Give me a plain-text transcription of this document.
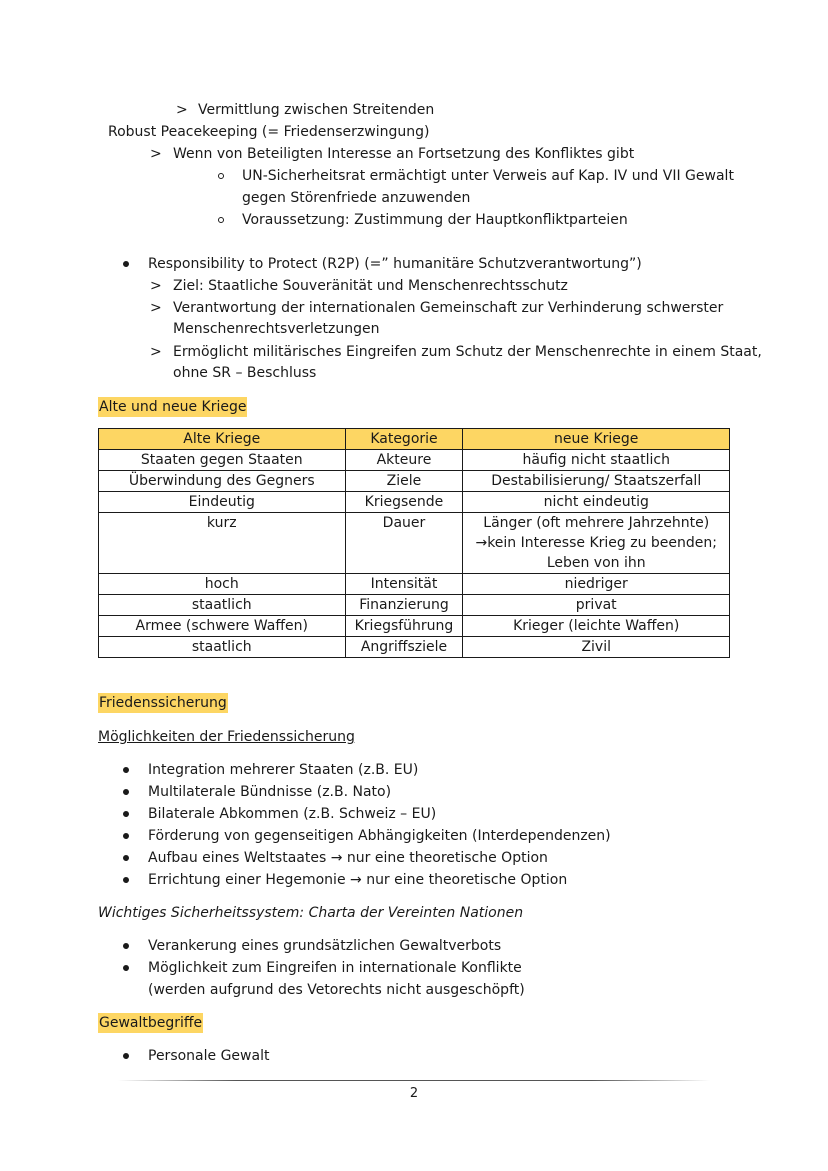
> Vermittlung zwischen Streitenden
Robust Peacekeeping (= Friedenserzwingung)
> Wenn von Beteiligten Interesse an Fortsetzung des Konfliktes gibt
UN-Sicherheitsrat ermächtigt unter Verweis auf Kap. IV und VII Gewalt
gegen Störenfriede anzuwenden
Voraussetzung: Zustimmung der Hauptkonfliktparteien
Responsibility to Protect (R2P) (=” humanitäre Schutzverantwortung”)
> Ziel: Staatliche Souveränität und Menschenrechtsschutz
> Verantwortung der internationalen Gemeinschaft zur Verhinderung schwerster
Menschenrechtsverletzungen
> Ermöglicht militärisches Eingreifen zum Schutz der Menschenrechte in einem Staat,
ohne SR – Beschluss
Alte und neue Kriege
Alte Kriege	Kategorie	neue Kriege
Staaten gegen Staaten	Akteure	häufig nicht staatlich
Überwindung des Gegners	Ziele	Destabilisierung/ Staatszerfall
Eindeutig	Kriegsende	nicht eindeutig
kurz	Dauer	Länger (oft mehrere Jahrzehnte)
→kein Interesse Krieg zu beenden;
Leben von ihn

hoch	Intensität	niedriger
staatlich	Finanzierung	privat
Armee (schwere Waffen)	Kriegsführung	Krieger (leichte Waffen)
staatlich	Angriffsziele	Zivil
Friedenssicherung
Möglichkeiten der Friedenssicherung
Integration mehrerer Staaten (z.B. EU)
Multilaterale Bündnisse (z.B. Nato)
Bilaterale Abkommen (z.B. Schweiz – EU)
Förderung von gegenseitigen Abhängigkeiten (Interdependenzen)
Aufbau eines Weltstaates → nur eine theoretische Option
Errichtung einer Hegemonie → nur eine theoretische Option
Wichtiges Sicherheitssystem: Charta der Vereinten Nationen
Verankerung eines grundsätzlichen Gewaltverbots
Möglichkeit zum Eingreifen in internationale Konflikte
(werden aufgrund des Vetorechts nicht ausgeschöpft)
Gewaltbegriffe
Personale Gewalt
2
